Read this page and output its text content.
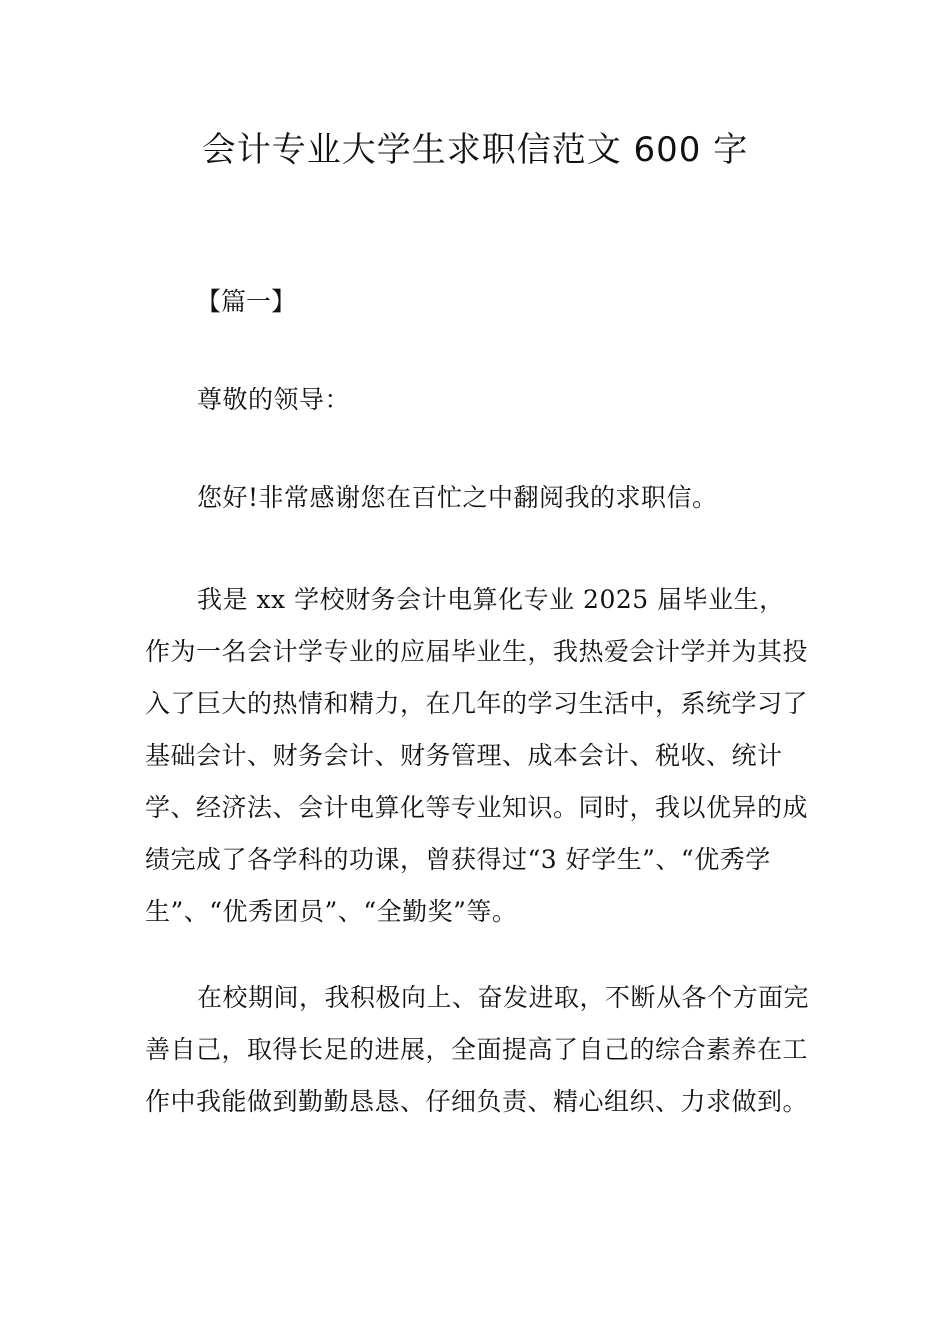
会计专业大学生求职信范文 600 字

【篇一】

尊敬的领导：

您好!非常感谢您在百忙之中翻阅我的求职信。

我是 xx 学校财务会计电算化专业 2025 届毕业生，作为一名会计学专业的应届毕业生，我热爱会计学并为其投入了巨大的热情和精力，在几年的学习生活中，系统学习了基础会计、财务会计、财务管理、成本会计、税收、统计学、经济法、会计电算化等专业知识。同时，我以优异的成绩完成了各学科的功课，曾获得过“3 好学生”、“优秀学生”、“优秀团员”、“全勤奖”等。

在校期间，我积极向上、奋发进取，不断从各个方面完善自己，取得长足的进展，全面提高了自己的综合素养在工作中我能做到勤勤恳恳、仔细负责、精心组织、力求做到。
